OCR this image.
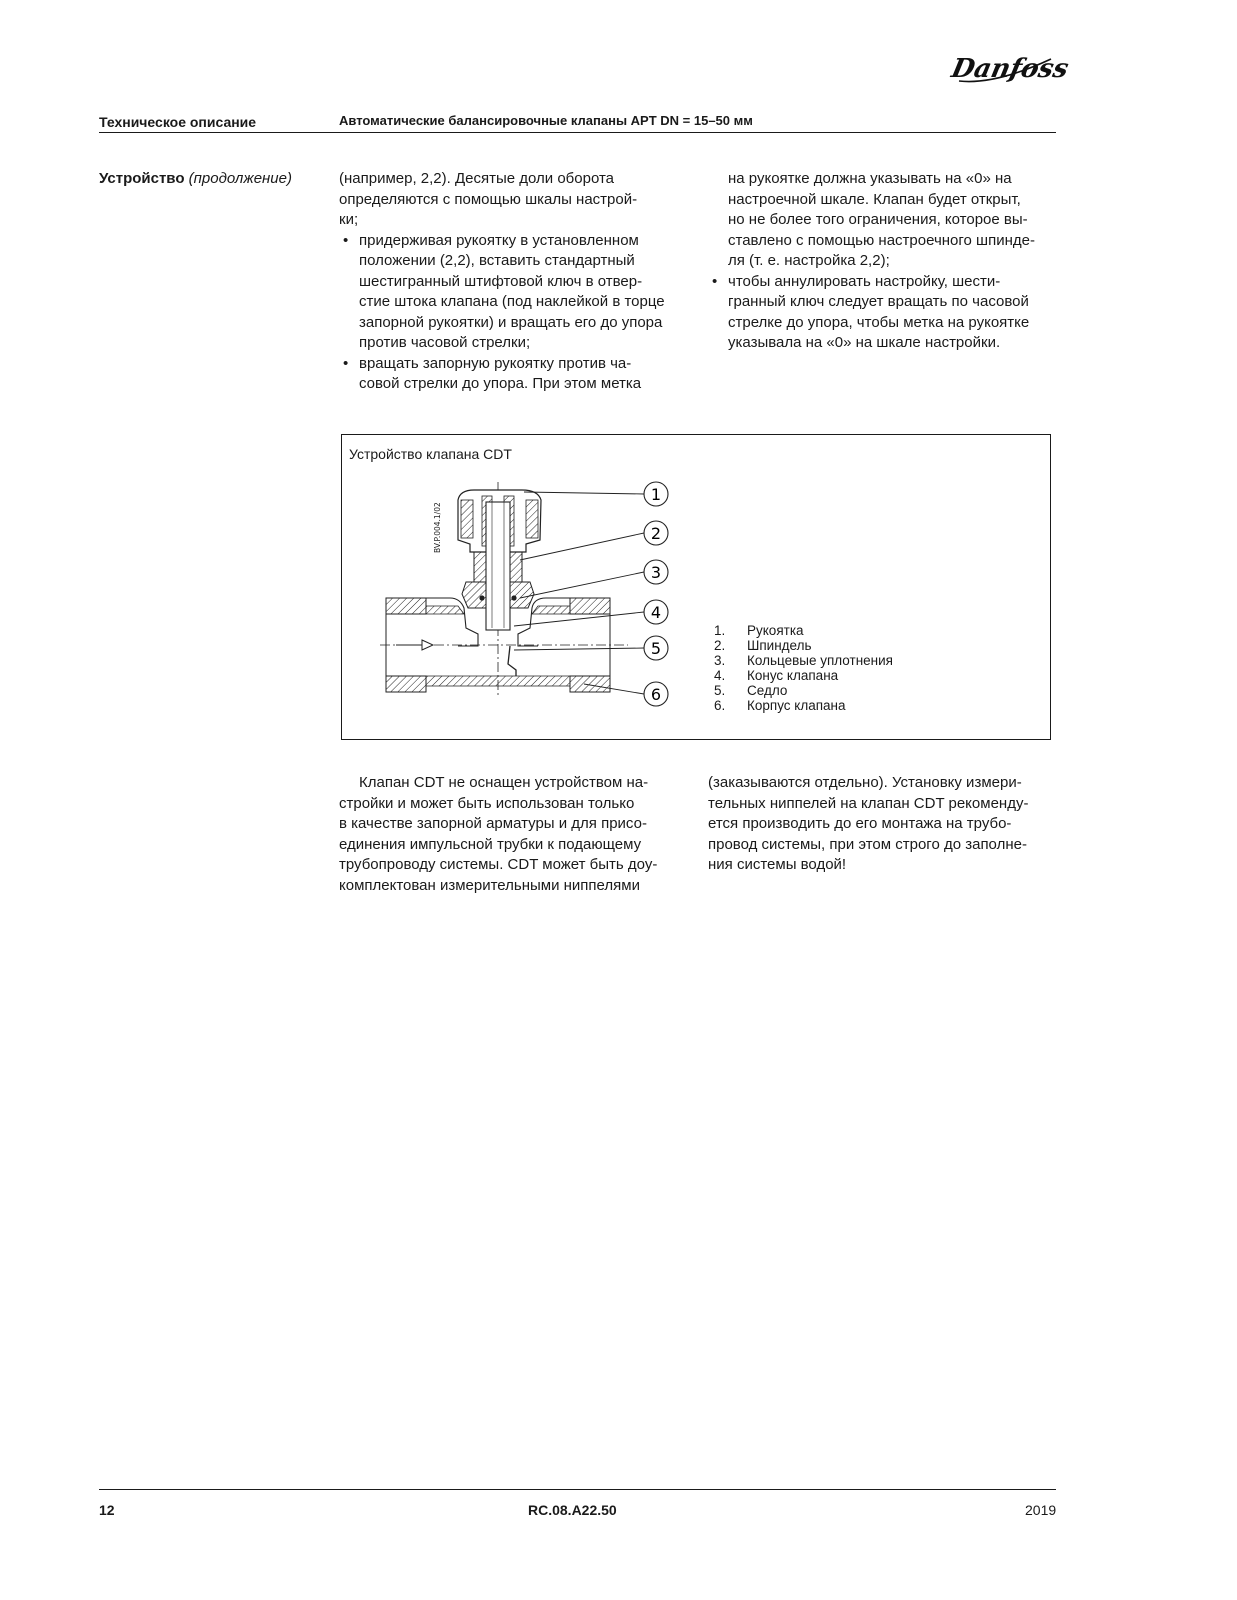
Danfoss
Техническое описание	Автоматические балансировочные клапаны APT DN = 15–50 мм
Устройство (продолжение)	(например, 2,2). Десятые доли оборота
определяются с помощью шкалы настрой-
ки;

• придерживая рукоятку в установленном
положении (2,2), вставить стандартный
шестигранный штифтовой ключ в отвер-
стие штока клапана (под наклейкой в торце
запорной рукоятки) и вращать его до упора
против часовой стрелки;
• вращать запорную рукоятку против ча-
совой стрелки до упора. При этом метка

на рукоятке должна указывать на «0» на
настроечной шкале. Клапан будет открыт,
но не более того ограничения, которое вы-
ставлено с помощью настроечного шпинде-
ля (т. е. настройка 2,2);

• чтобы аннулировать настройку, шести-
гранный ключ следует вращать по часовой
стрелке до упора, чтобы метка на рукоятке
указывала на «0» на шкале настройки.
Устройство клапана CDT
BV.P.004.1/02
1
2
3
4
5
6
1.	Рукоятка
2.	Шпиндель
3.	Кольцевые уплотнения
4.	Конус клапана
5.	Седло
6.	Корпус клапана

Клапан CDT не оснащен устройством на-
стройки и может быть использован только
в качестве запорной арматуры и для присо-
единения импульсной трубки к подающему
трубопроводу системы. CDT может быть доу-
комплектован измерительными ниппелями

(заказываются отдельно). Установку измери-
тельных ниппелей на клапан CDT рекоменду-
ется производить до его монтажа на трубо-
провод системы, при этом строго до заполне-
ния системы водой!

12	RC.08.A22.50	2019
